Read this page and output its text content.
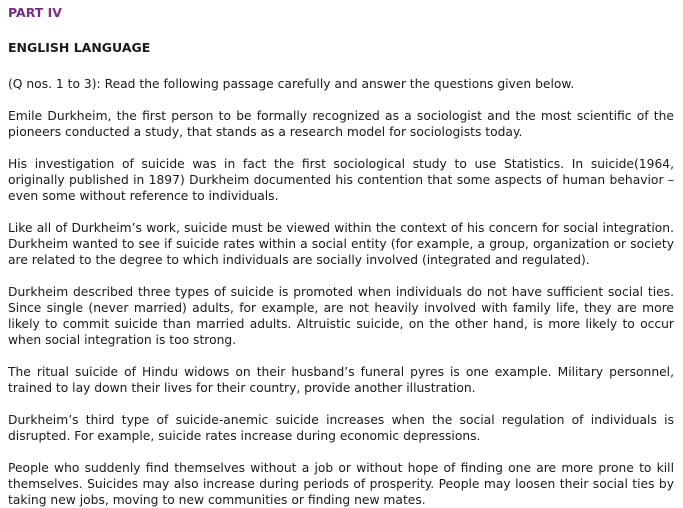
PART IV
ENGLISH LANGUAGE

(Q nos. 1 to 3): Read the following passage carefully and answer the questions given below.

Emile Durkheim, the first person to be formally recognized as a sociologist and the most scientific of the pioneers conducted a study, that stands as a research model for sociologists today.

His investigation of suicide was in fact the first sociological study to use Statistics. In suicide(1964, originally published in 1897) Durkheim documented his contention that some aspects of human behavior – even some without reference to individuals.

Like all of Durkheim’s work, suicide must be viewed within the context of his concern for social integration. Durkheim wanted to see if suicide rates within a social entity (for example, a group, organization or society are related to the degree to which individuals are socially involved (integrated and regulated).

Durkheim described three types of suicide is promoted when individuals do not have sufficient social ties. Since single (never married) adults, for example, are not heavily involved with family life, they are more likely to commit suicide than married adults. Altruistic suicide, on the other hand, is more likely to occur when social integration is too strong.

The ritual suicide of Hindu widows on their husband’s funeral pyres is one example. Military personnel, trained to lay down their lives for their country, provide another illustration.

Durkheim’s third type of suicide-anemic suicide increases when the social regulation of individuals is disrupted. For example, suicide rates increase during economic depressions.

People who suddenly find themselves without a job or without hope of finding one are more prone to kill themselves. Suicides may also increase during periods of prosperity. People may loosen their social ties by taking new jobs, moving to new communities or finding new mates.
